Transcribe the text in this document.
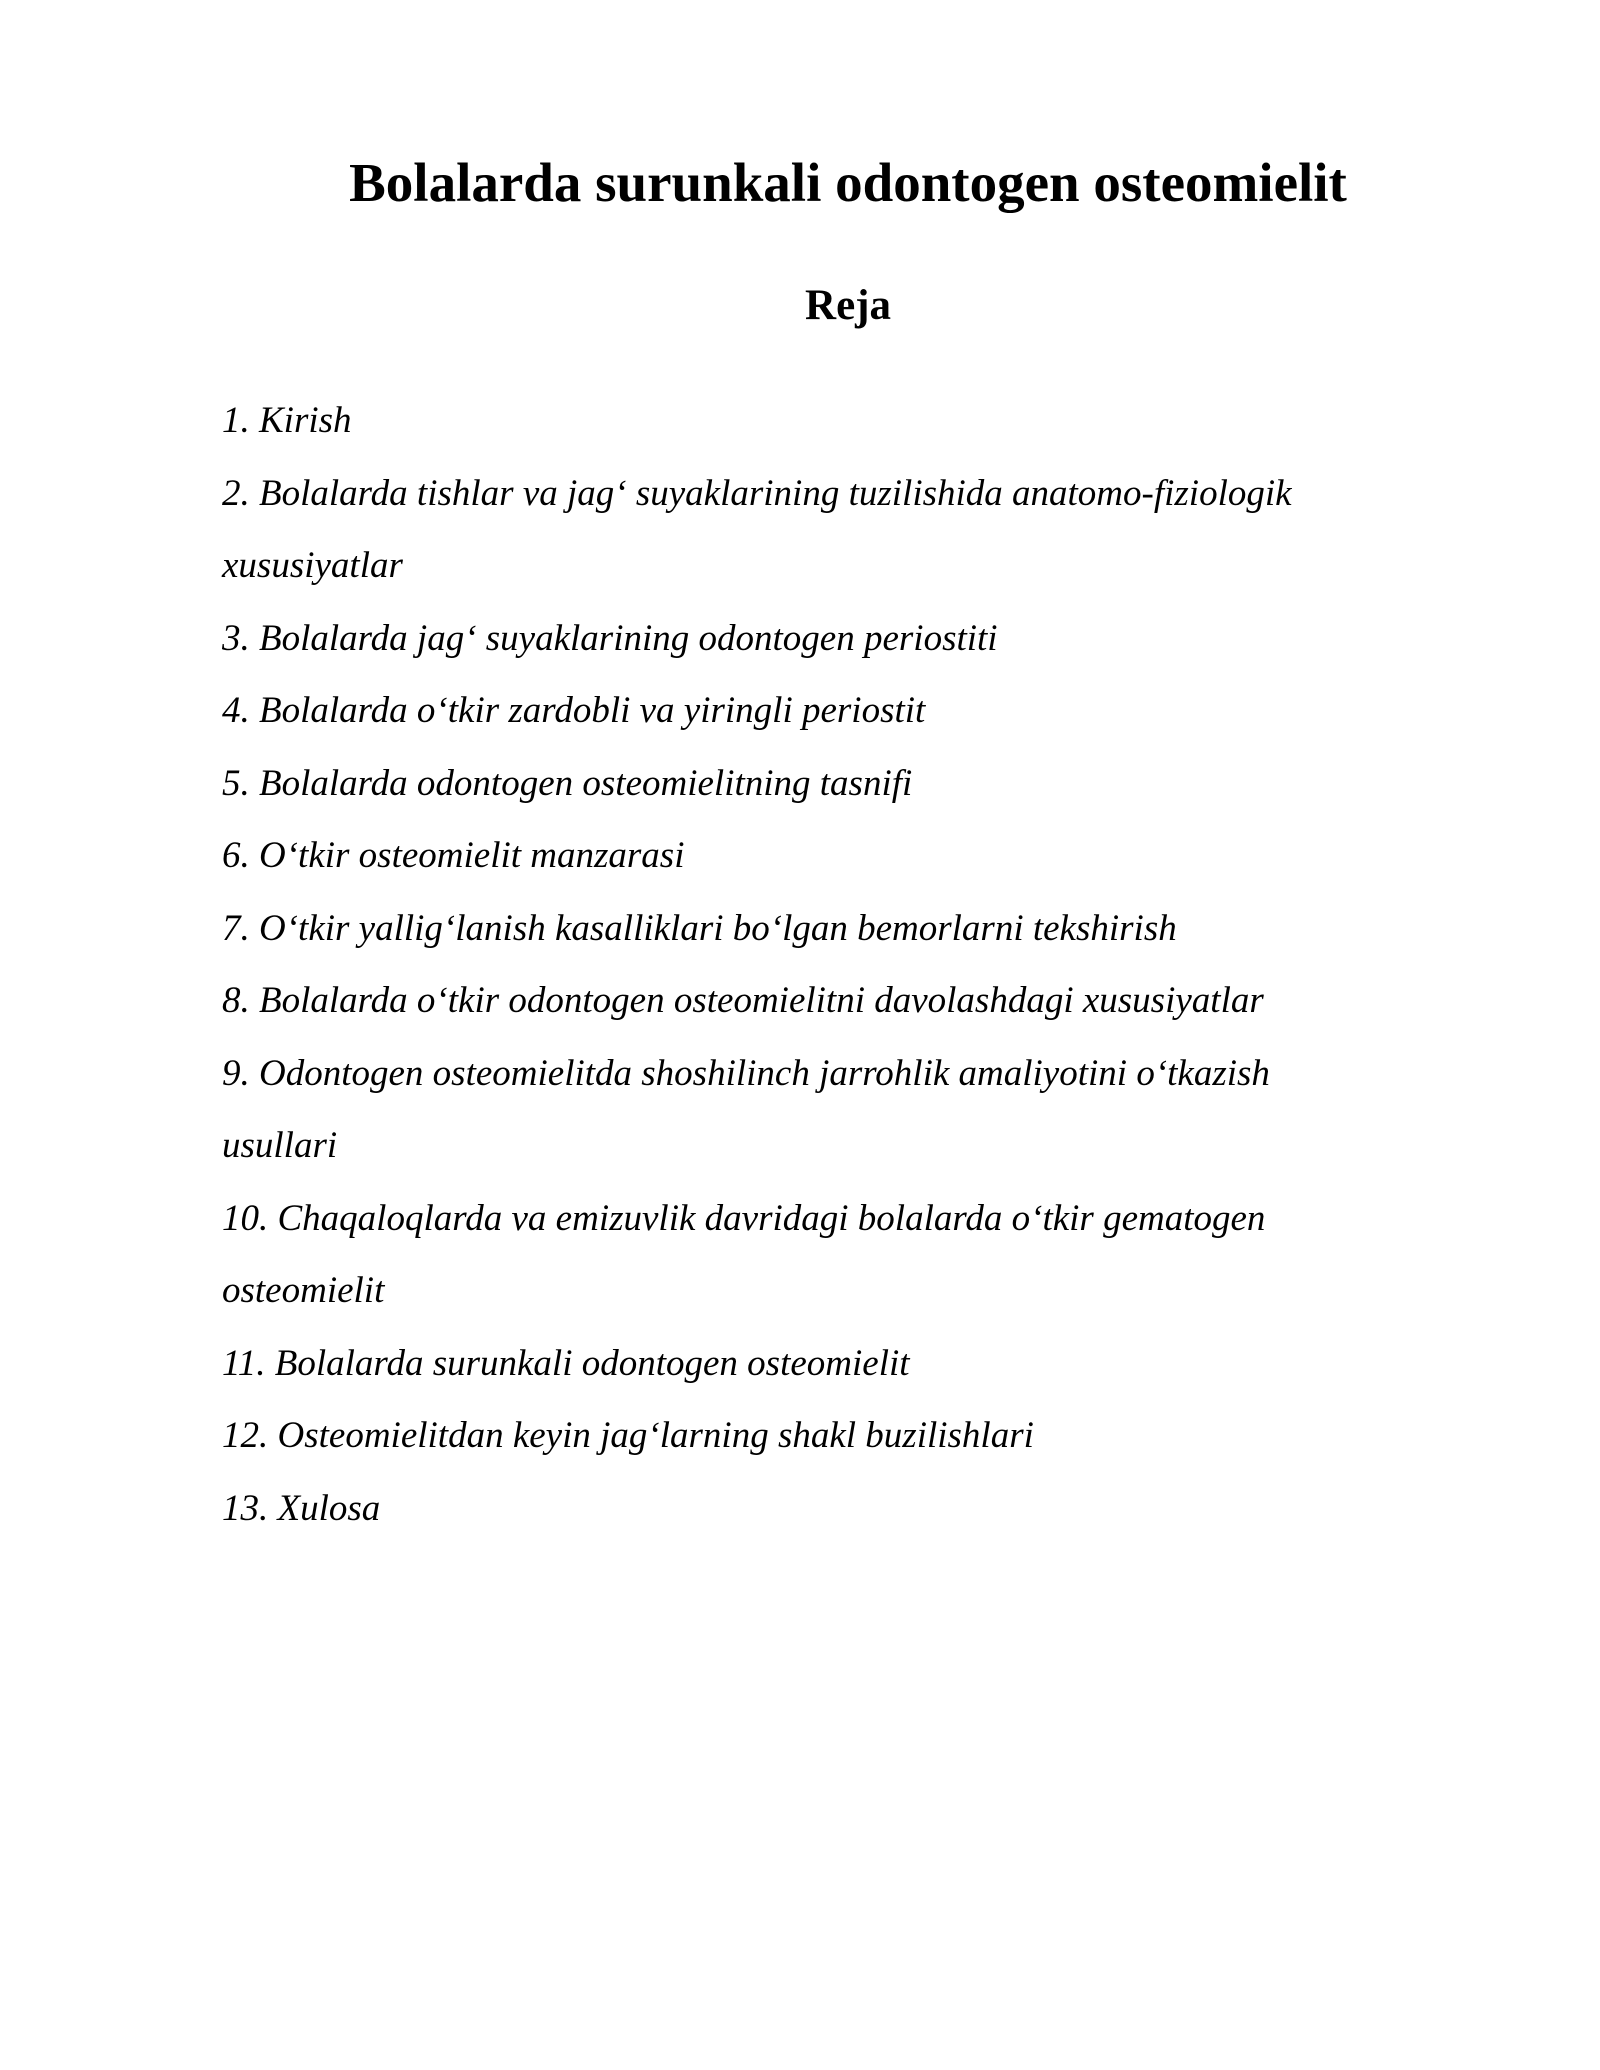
Bolalarda surunkali odontogen osteomielit
Reja
1. Kirish
2. Bolalarda tishlar va jag‘ suyaklarining tuzilishida anatomo-fiziologik
xususiyatlar
3. Bolalarda jag‘ suyaklarining odontogen periostiti
4. Bolalarda o‘tkir zardobli va yiringli periostit
5. Bolalarda odontogen osteomielitning tasnifi
6. O‘tkir osteomielit manzarasi
7. O‘tkir yallig‘lanish kasalliklari bo‘lgan bemorlarni tekshirish
8. Bolalarda o‘tkir odontogen osteomielitni davolashdagi xususiyatlar
9. Odontogen osteomielitda shoshilinch jarrohlik amaliyotini o‘tkazish
usullari
10. Chaqaloqlarda va emizuvlik davridagi bolalarda o‘tkir gematogen
osteomielit
11. Bolalarda surunkali odontogen osteomielit
12. Osteomielitdan keyin jag‘larning shakl buzilishlari
13. Xulosa
